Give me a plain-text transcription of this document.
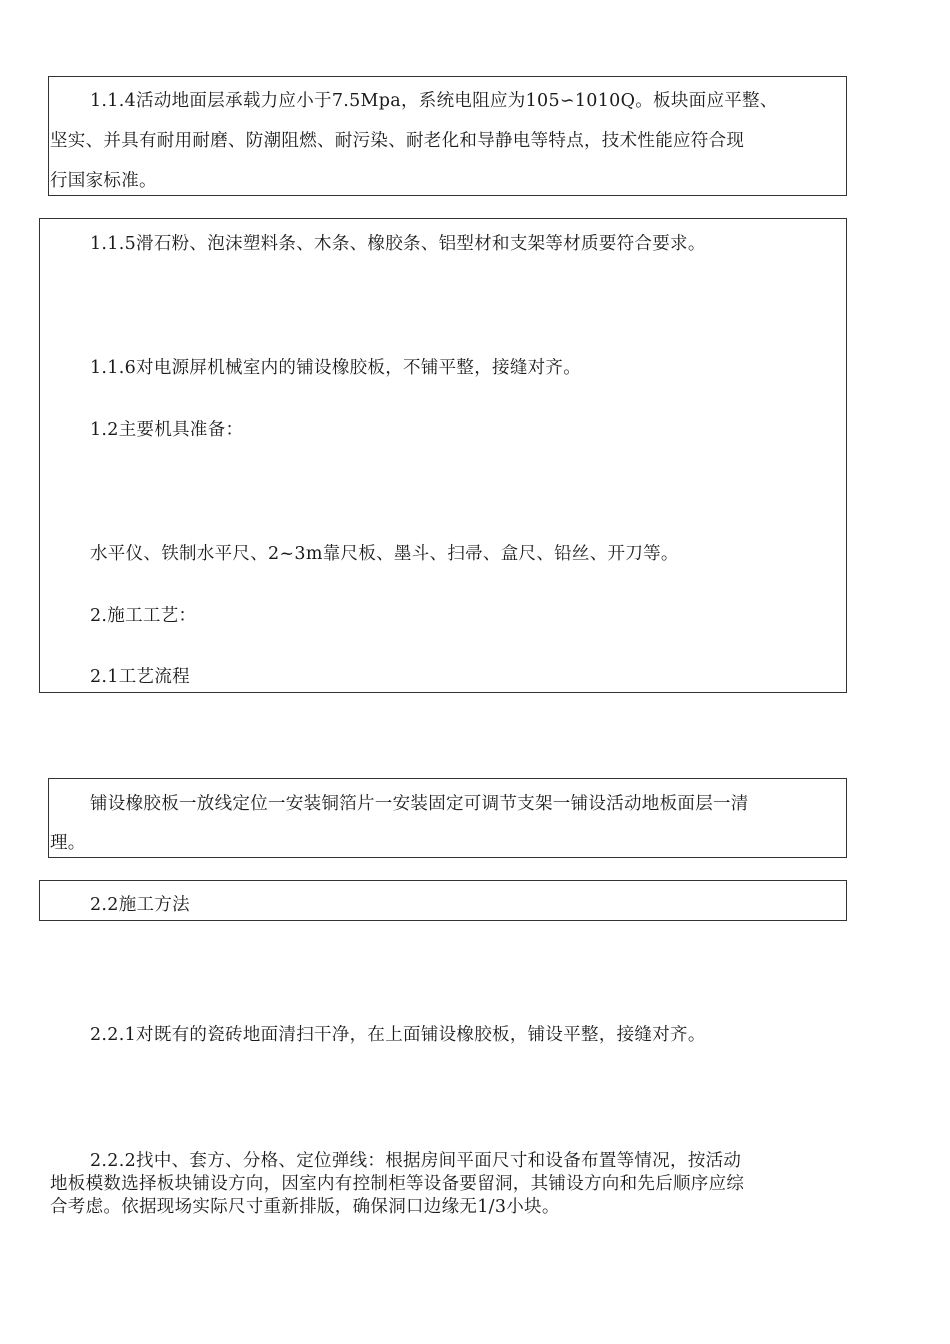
1.1.4活动地面层承载力应小于7.5Mpa，系统电阻应为105∽1010Q。板块面应平整、
坚实、并具有耐用耐磨、防潮阻燃、耐污染、耐老化和导静电等特点，技术性能应符合现
行国家标准。
1.1.5滑石粉、泡沫塑料条、木条、橡胶条、铝型材和支架等材质要符合要求。
1.1.6对电源屏机械室内的铺设橡胶板，不铺平整，接缝对齐。
1.2主要机具准备：
水平仪、铁制水平尺、2~3m靠尺板、墨斗、扫帚、盒尺、铅丝、开刀等。
2.施工工艺：
2.1工艺流程
铺设橡胶板一放线定位一安装铜箔片一安装固定可调节支架一铺设活动地板面层一清
理。
2.2施工方法
2.2.1对既有的瓷砖地面清扫干净，在上面铺设橡胶板，铺设平整，接缝对齐。
2.2.2找中、套方、分格、定位弹线：根据房间平面尺寸和设备布置等情况，按活动
地板模数选择板块铺设方向，因室内有控制柜等设备要留洞，其铺设方向和先后顺序应综
合考虑。依据现场实际尺寸重新排版，确保洞口边缘无1/3小块。
